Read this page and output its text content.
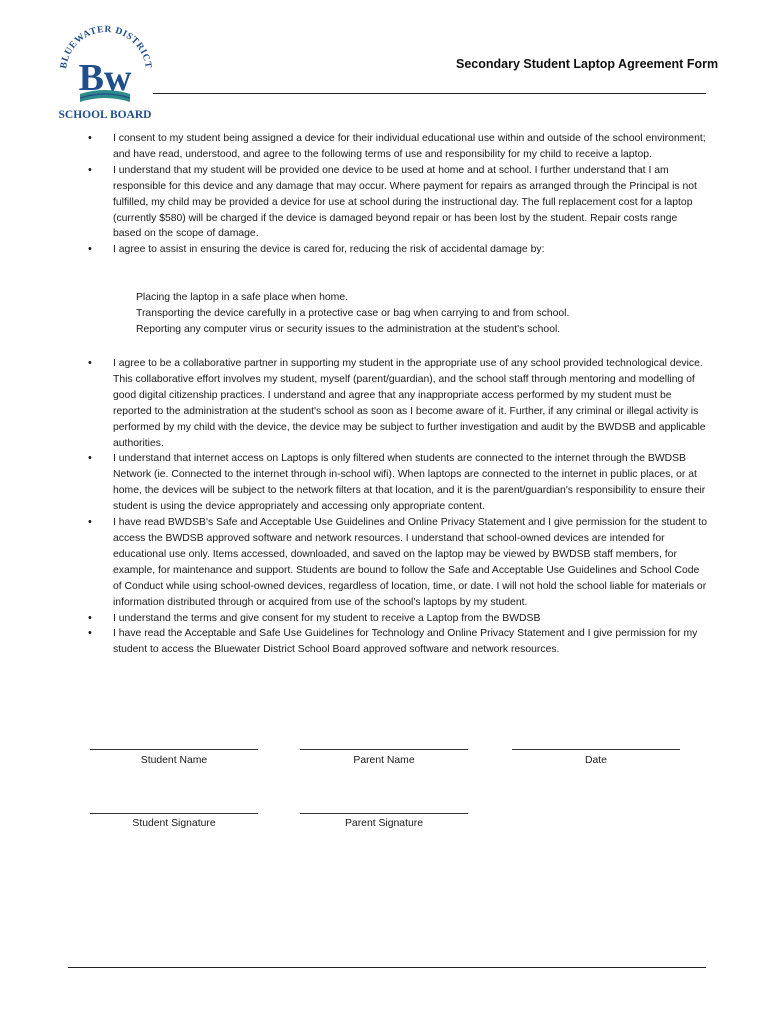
BLUEWATER DISTRICT
Bw
SCHOOL BOARD
Secondary Student Laptop Agreement Form
• I consent to my student being assigned a device for their individual educational use within and outside of the school environment; and have read, understood, and agree to the following terms of use and responsibility for my child to receive a laptop.
• I understand that my student will be provided one device to be used at home and at school. I further understand that I am responsible for this device and any damage that may occur. Where payment for repairs as arranged through the Principal is not fulfilled, my child may be provided a device for use at school during the instructional day. The full replacement cost for a laptop (currently $580) will be charged if the device is damaged beyond repair or has been lost by the student. Repair costs range based on the scope of damage.
• I agree to assist in ensuring the device is cared for, reducing the risk of accidental damage by:
Placing the laptop in a safe place when home.
Transporting the device carefully in a protective case or bag when carrying to and from school.
Reporting any computer virus or security issues to the administration at the student's school.
• I agree to be a collaborative partner in supporting my student in the appropriate use of any school provided technological device. This collaborative effort involves my student, myself (parent/guardian), and the school staff through mentoring and modelling of good digital citizenship practices. I understand and agree that any inappropriate access performed by my student must be reported to the administration at the student's school as soon as I become aware of it. Further, if any criminal or illegal activity is performed by my child with the device, the device may be subject to further investigation and audit by the BWDSB and applicable authorities.
• I understand that internet access on Laptops is only filtered when students are connected to the internet through the BWDSB Network (ie. Connected to the internet through in-school wifi). When laptops are connected to the internet in public places, or at home, the devices will be subject to the network filters at that location, and it is the parent/guardian's responsibility to ensure their student is using the device appropriately and accessing only appropriate content.
• I have read BWDSB's Safe and Acceptable Use Guidelines and Online Privacy Statement and I give permission for the student to access the BWDSB approved software and network resources. I understand that school-owned devices are intended for educational use only. Items accessed, downloaded, and saved on the laptop may be viewed by BWDSB staff members, for example, for maintenance and support. Students are bound to follow the Safe and Acceptable Use Guidelines and School Code of Conduct while using school-owned devices, regardless of location, time, or date. I will not hold the school liable for materials or information distributed through or acquired from use of the school's laptops by my student.
• I understand the terms and give consent for my student to receive a Laptop from the BWDSB
• I have read the Acceptable and Safe Use Guidelines for Technology and Online Privacy Statement and I give permission for my student to access the Bluewater District School Board approved software and network resources.
Student Name	Parent Name	Date
Student Signature	Parent Signature
